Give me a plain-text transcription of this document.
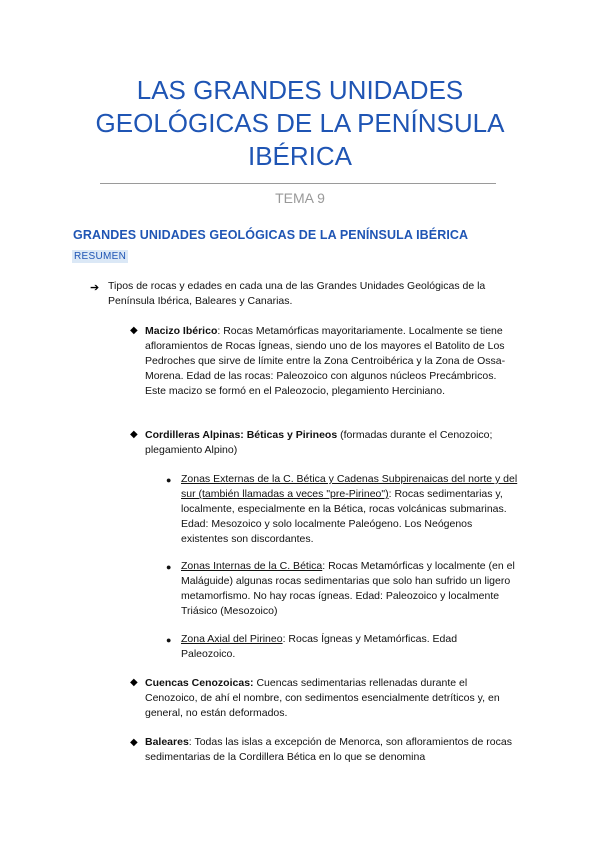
LAS GRANDES UNIDADES GEOLÓGICAS DE LA PENÍNSULA IBÉRICA
TEMA 9
GRANDES UNIDADES GEOLÓGICAS DE LA PENÍNSULA IBÉRICA
RESUMEN
➔ Tipos de rocas y edades en cada una de las Grandes Unidades Geológicas de la Península Ibérica, Baleares y Canarias.
◆ Macizo Ibérico: Rocas Metamórficas mayoritariamente. Localmente se tiene afloramientos de Rocas Ígneas, siendo uno de los mayores el Batolito de Los Pedroches que sirve de límite entre la Zona Centroibérica y la Zona de Ossa-Morena. Edad de las rocas: Paleozoico con algunos núcleos Precámbricos.

Este macizo se formó en el Paleozocio, plegamiento Herciniano.

◆ Cordilleras Alpinas: Béticas y Pirineos (formadas durante el Cenozoico; plegamiento Alpino)

● Zonas Externas de la C. Bética y Cadenas Subpirenaicas del norte y del sur (también llamadas a veces "pre-Pirineo"): Rocas sedimentarias y, localmente, especialmente en la Bética, rocas volcánicas submarinas. Edad: Mesozoico y solo localmente Paleógeno. Los Neógenos existentes son discordantes.

● Zonas Internas de la C. Bética: Rocas Metamórficas y localmente (en el Maláguide) algunas rocas sedimentarias que solo han sufrido un ligero metamorfismo. No hay rocas ígneas. Edad: Paleozoico y localmente Triásico (Mesozoico)

● Zona Axial del Pirineo: Rocas Ígneas y Metamórficas. Edad Paleozoico.

◆ Cuencas Cenozoicas: Cuencas sedimentarias rellenadas durante el Cenozoico, de ahí el nombre, con sedimentos esencialmente detríticos y, en general, no están deformados.

◆ Baleares: Todas las islas a excepción de Menorca, son afloramientos de rocas sedimentarias de la Cordillera Bética en lo que se denomina
